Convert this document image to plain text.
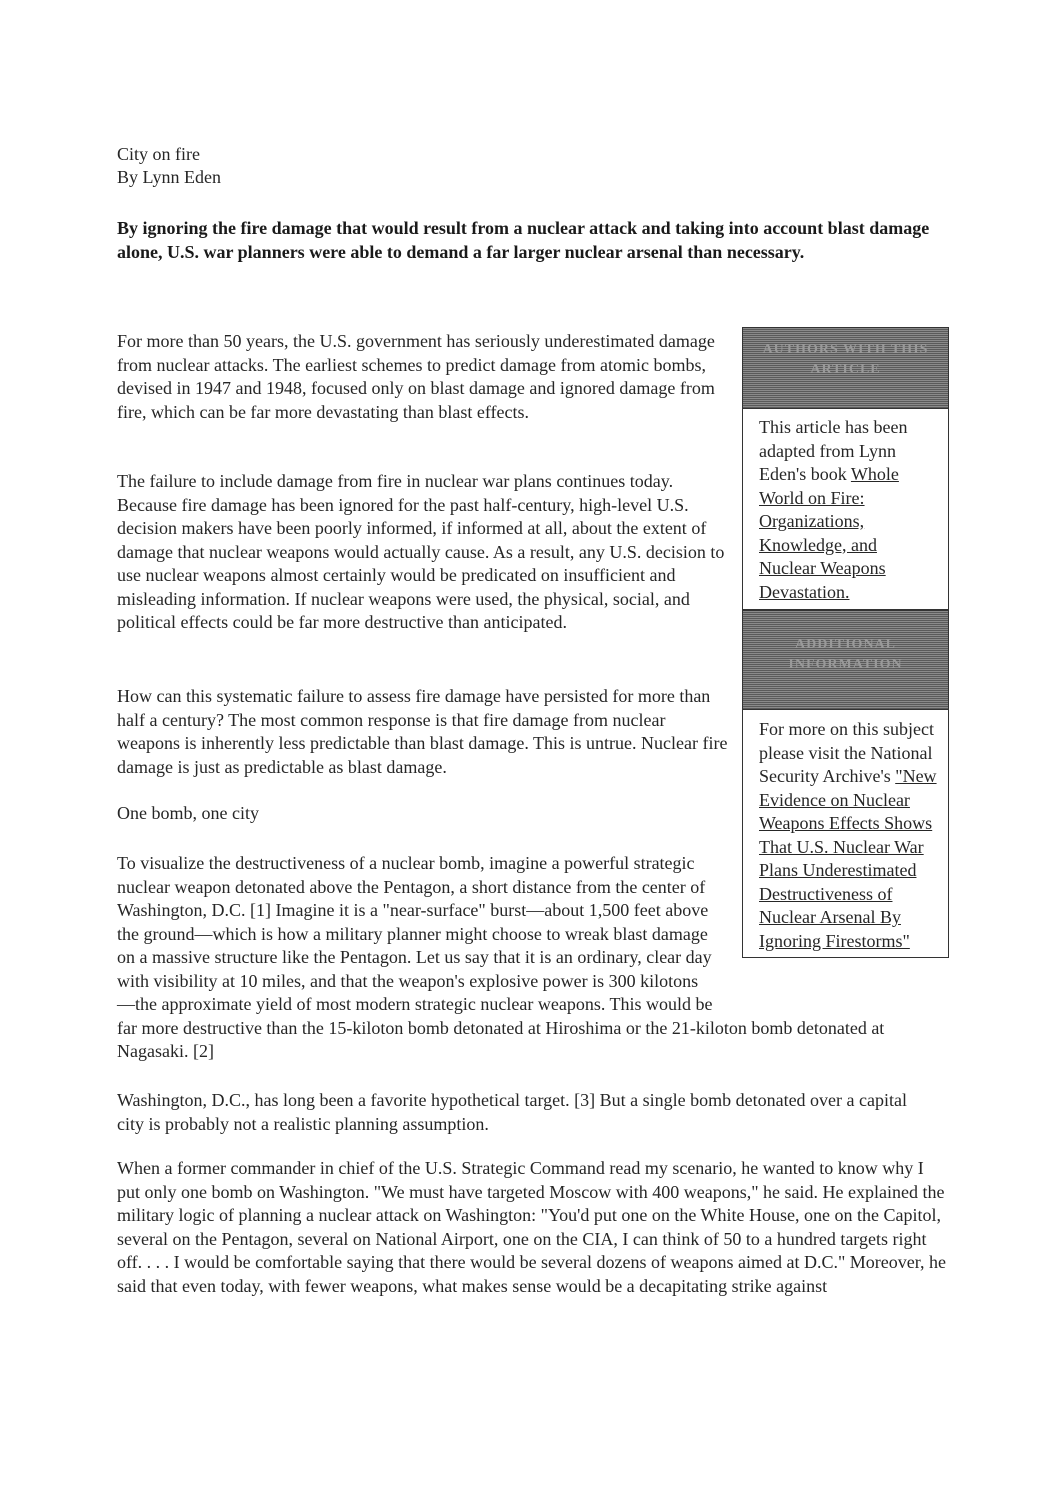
City on fire
By Lynn Eden
By ignoring the fire damage that would result from a nuclear attack and taking into account blast damage alone, U.S. war planners were able to demand a far larger nuclear arsenal than necessary.

For more than 50 years, the U.S. government has seriously underestimated damage from nuclear attacks. The earliest schemes to predict damage from atomic bombs, devised in 1947 and 1948, focused only on blast damage and ignored damage from fire, which can be far more devastating than blast effects.

The failure to include damage from fire in nuclear war plans continues today. Because fire damage has been ignored for the past half-century, high-level U.S. decision makers have been poorly informed, if informed at all, about the extent of damage that nuclear weapons would actually cause. As a result, any U.S. decision to use nuclear weapons almost certainly would be predicated on insufficient and misleading information. If nuclear weapons were used, the physical, social, and political effects could be far more destructive than anticipated.

How can this systematic failure to assess fire damage have persisted for more than half a century? The most common response is that fire damage from nuclear weapons is inherently less predictable than blast damage. This is untrue. Nuclear fire damage is just as predictable as blast damage.

One bomb, one city

To visualize the destructiveness of a nuclear bomb, imagine a powerful strategic nuclear weapon detonated above the Pentagon, a short distance from the center of Washington, D.C. [1] Imagine it is a "near-surface" burst—about 1,500 feet above the ground—which is how a military planner might choose to wreak blast damage on a massive structure like the Pentagon. Let us say that it is an ordinary, clear day with visibility at 10 miles, and that the weapon's explosive power is 300 kilotons—the approximate yield of most modern strategic nuclear weapons. This would be far more destructive than the 15-kiloton bomb detonated at Hiroshima or the 21-kiloton bomb detonated at Nagasaki. [2]

Washington, D.C., has long been a favorite hypothetical target. [3] But a single bomb detonated over a capital city is probably not a realistic planning assumption.

When a former commander in chief of the U.S. Strategic Command read my scenario, he wanted to know why I put only one bomb on Washington. "We must have targeted Moscow with 400 weapons," he said. He explained the military logic of planning a nuclear attack on Washington: "You'd put one on the White House, one on the Capitol, several on the Pentagon, several on National Airport, one on the CIA, I can think of 50 to a hundred targets right off. . . . I would be comfortable saying that there would be several dozens of weapons aimed at D.C." Moreover, he said that even today, with fewer weapons, what makes sense would be a decapitating strike against

AUTHORS WITH THIS ARTICLE
This article has been adapted from Lynn Eden's book Whole World on Fire: Organizations, Knowledge, and Nuclear Weapons Devastation.
ADDITIONAL INFORMATION
For more on this subject please visit the National Security Archive's "New Evidence on Nuclear Weapons Effects Shows That U.S. Nuclear War Plans Underestimated Destructiveness of Nuclear Arsenal By Ignoring Firestorms"
